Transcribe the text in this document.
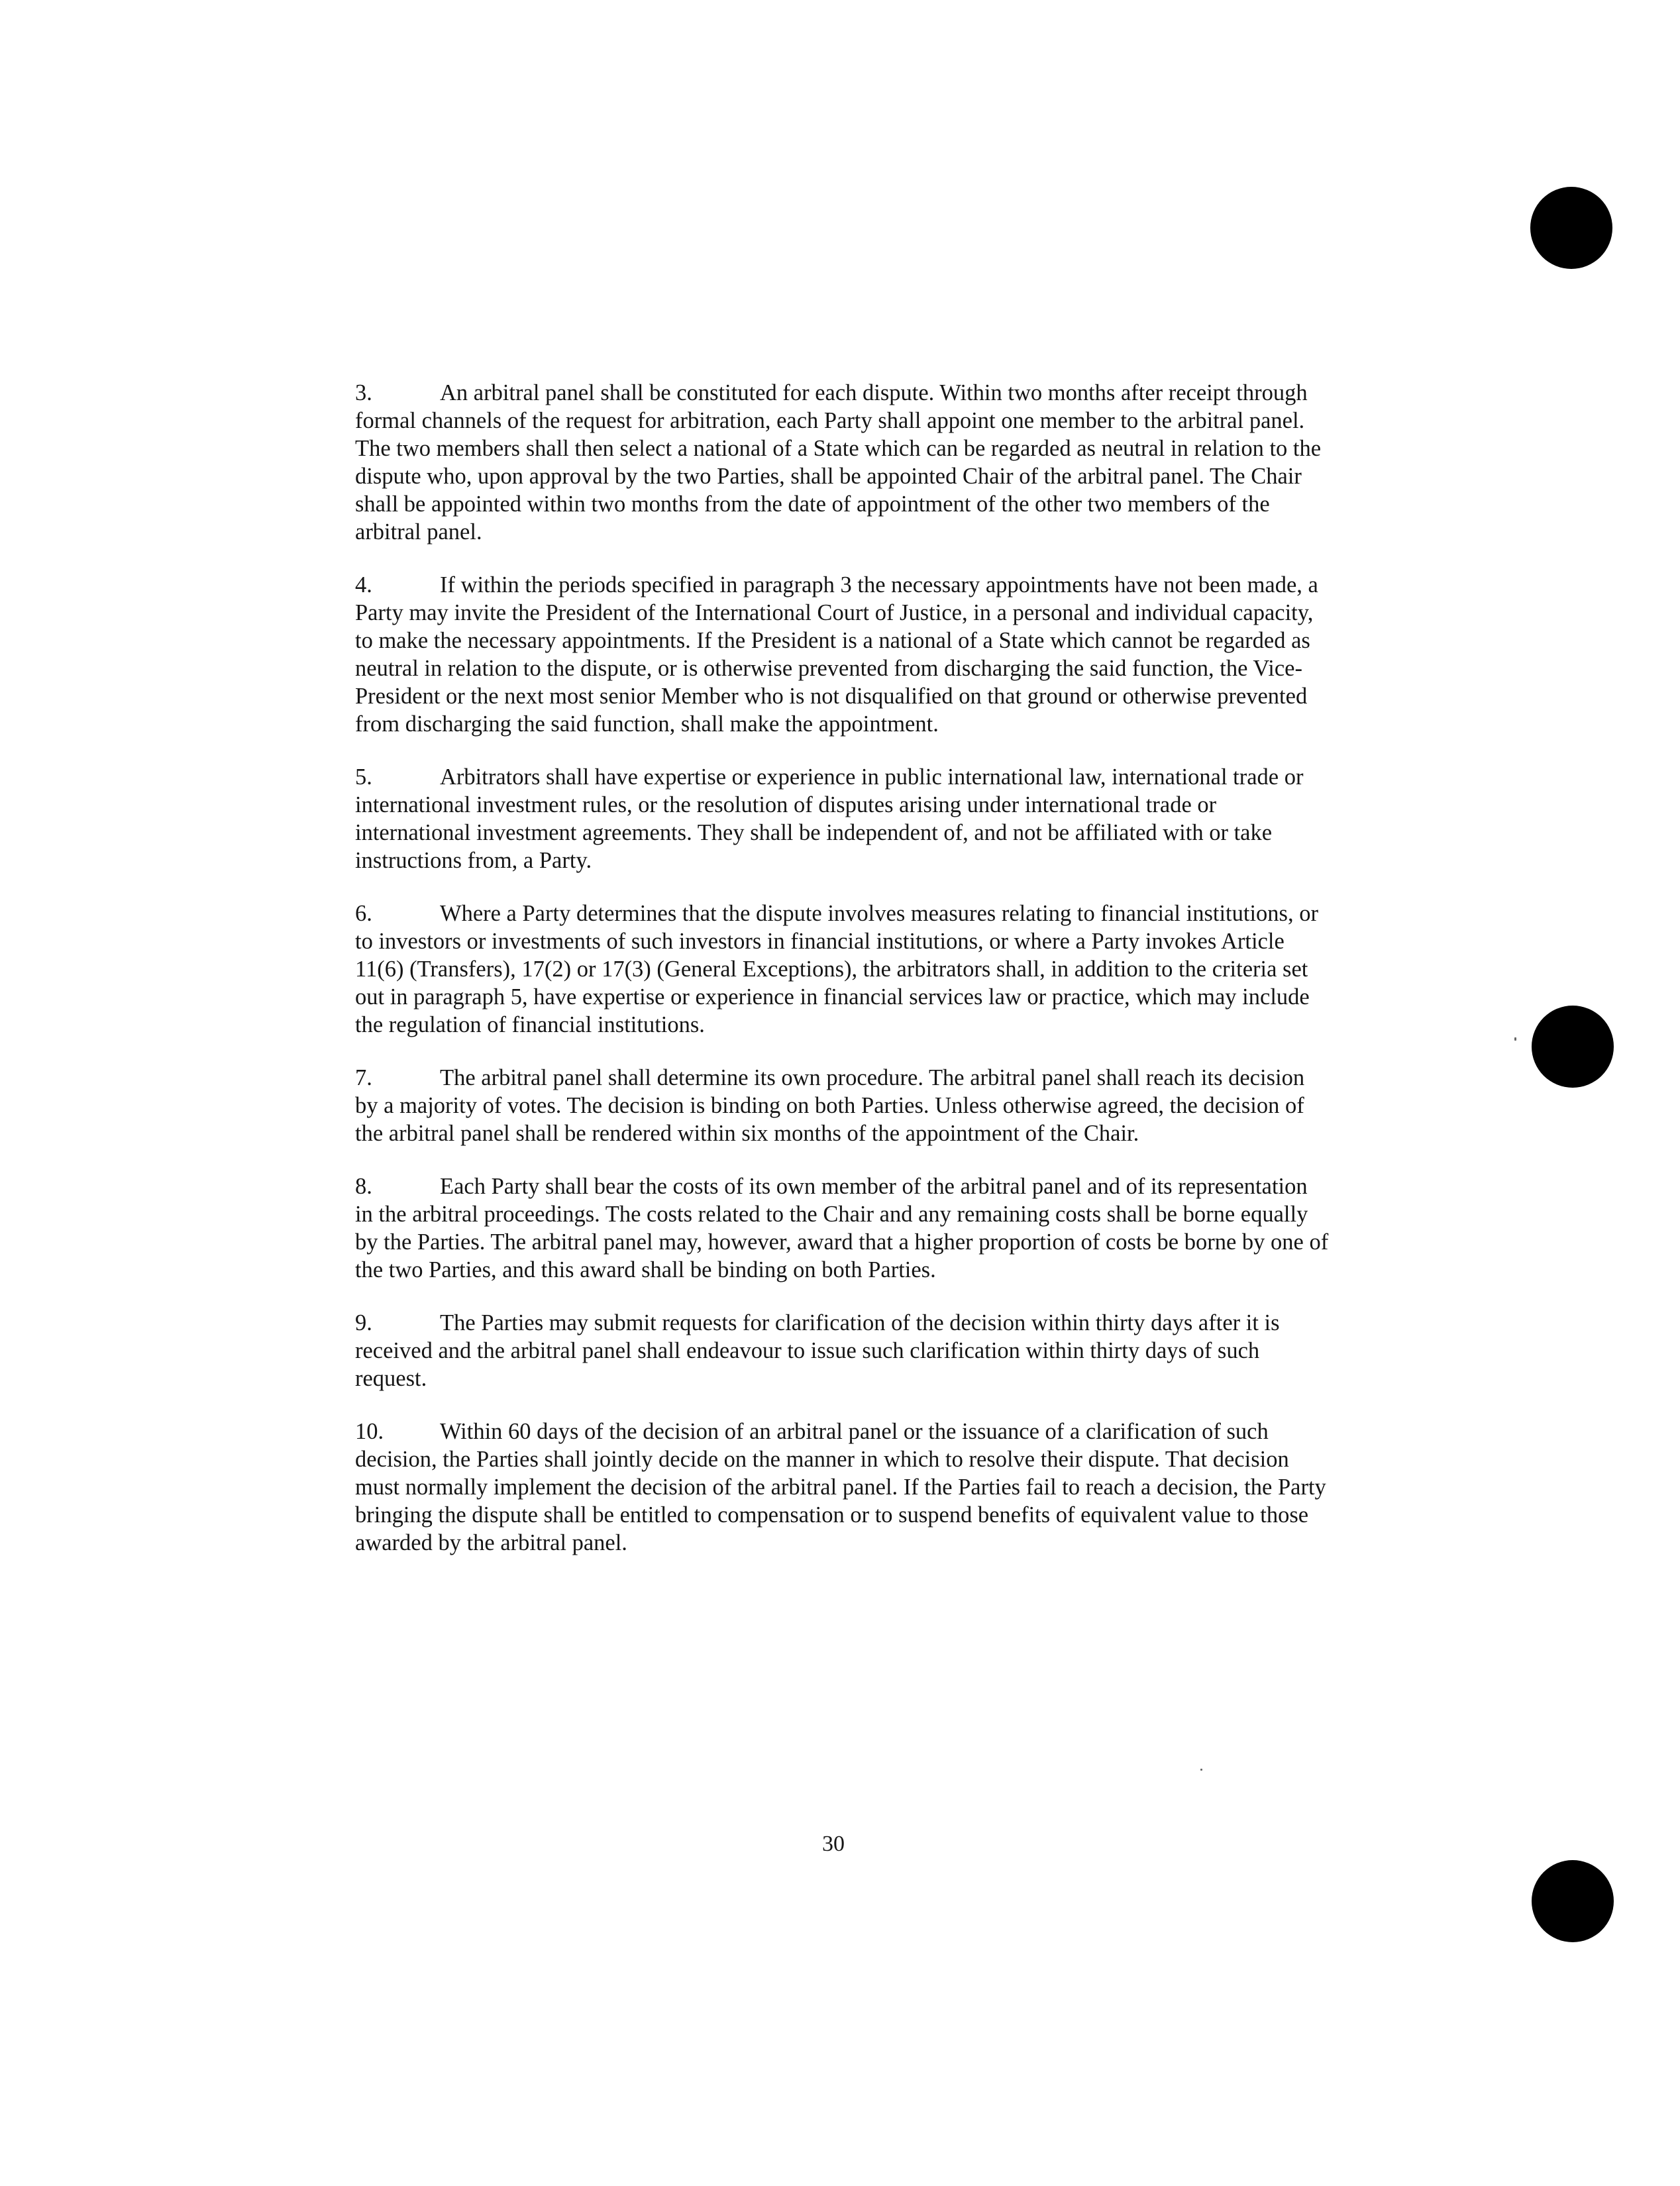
3.	An arbitral panel shall be constituted for each dispute. Within two months after receipt through formal channels of the request for arbitration, each Party shall appoint one member to the arbitral panel. The two members shall then select a national of a State which can be regarded as neutral in relation to the dispute who, upon approval by the two Parties, shall be appointed Chair of the arbitral panel. The Chair shall be appointed within two months from the date of appointment of the other two members of the arbitral panel.

4.	If within the periods specified in paragraph 3 the necessary appointments have not been made, a Party may invite the President of the International Court of Justice, in a personal and individual capacity, to make the necessary appointments. If the President is a national of a State which cannot be regarded as neutral in relation to the dispute, or is otherwise prevented from discharging the said function, the Vice-President or the next most senior Member who is not disqualified on that ground or otherwise prevented from discharging the said function, shall make the appointment.

5.	Arbitrators shall have expertise or experience in public international law, international trade or international investment rules, or the resolution of disputes arising under international trade or international investment agreements. They shall be independent of, and not be affiliated with or take instructions from, a Party.

6.	Where a Party determines that the dispute involves measures relating to financial institutions, or to investors or investments of such investors in financial institutions, or where a Party invokes Article 11(6) (Transfers), 17(2) or 17(3) (General Exceptions), the arbitrators shall, in addition to the criteria set out in paragraph 5, have expertise or experience in financial services law or practice, which may include the regulation of financial institutions.

7.	The arbitral panel shall determine its own procedure. The arbitral panel shall reach its decision by a majority of votes. The decision is binding on both Parties. Unless otherwise agreed, the decision of the arbitral panel shall be rendered within six months of the appointment of the Chair.

8.	Each Party shall bear the costs of its own member of the arbitral panel and of its representation in the arbitral proceedings. The costs related to the Chair and any remaining costs shall be borne equally by the Parties. The arbitral panel may, however, award that a higher proportion of costs be borne by one of the two Parties, and this award shall be binding on both Parties.

9.	The Parties may submit requests for clarification of the decision within thirty days after it is received and the arbitral panel shall endeavour to issue such clarification within thirty days of such request.

10. Within 60 days of the decision of an arbitral panel or the issuance of a clarification of such decision, the Parties shall jointly decide on the manner in which to resolve their dispute. That decision must normally implement the decision of the arbitral panel. If the Parties fail to reach a decision, the Party bringing the dispute shall be entitled to compensation or to suspend benefits of equivalent value to those awarded by the arbitral panel.

30
